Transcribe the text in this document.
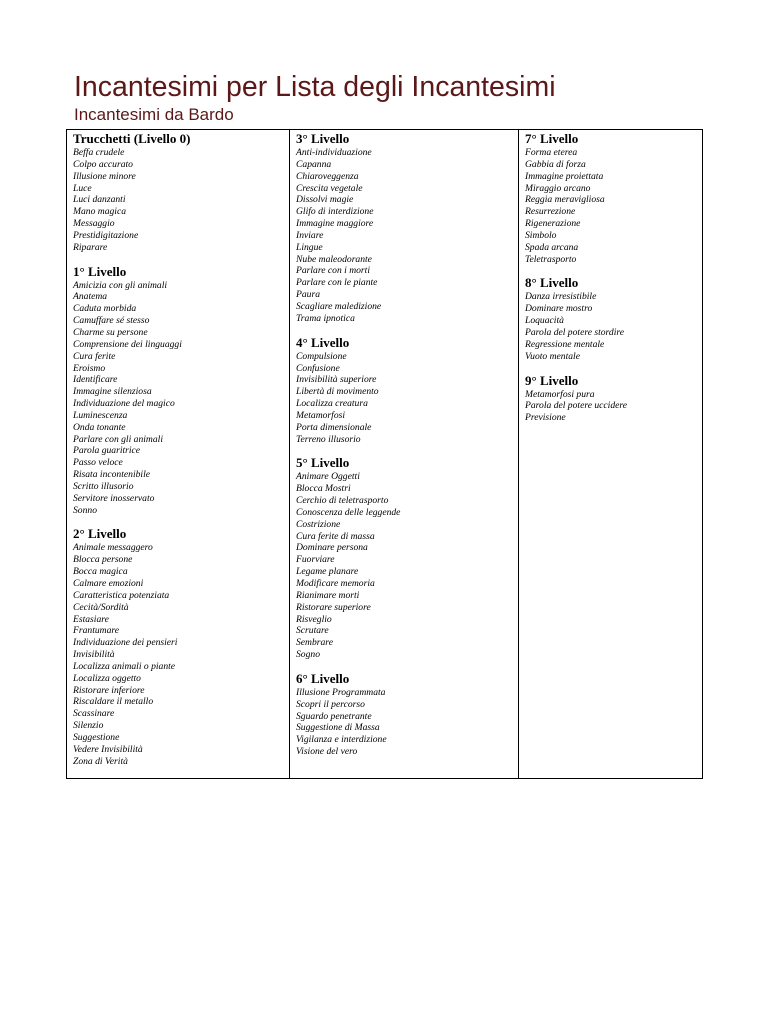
Incantesimi per Lista degli Incantesimi
Incantesimi da Bardo
Trucchetti (Livello 0)
Beffa crudele
Colpo accurato
Illusione minore
Luce
Luci danzanti
Mano magica
Messaggio
Prestidigitazione
Riparare
1° Livello
Amicizia con gli animali
Anatema
Caduta morbida
Camuffare sé stesso
Charme su persone
Comprensione dei linguaggi
Cura ferite
Eroismo
Identificare
Immagine silenziosa
Individuazione del magico
Luminescenza
Onda tonante
Parlare con gli animali
Parola guaritrice
Passo veloce
Risata incontenibile
Scritto illusorio
Servitore inosservato
Sonno
2° Livello
Animale messaggero
Blocca persone
Bocca magica
Calmare emozioni
Caratteristica potenziata
Cecità/Sordità
Estasiare
Frantumare
Individuazione dei pensieri
Invisibilità
Localizza animali o piante
Localizza oggetto
Ristorare inferiore
Riscaldare il metallo
Scassinare
Silenzio
Suggestione
Vedere Invisibilità
Zona di Verità
3° Livello
Anti-individuazione
Capanna
Chiaroveggenza
Crescita vegetale
Dissolvi magie
Glifo di interdizione
Immagine maggiore
Inviare
Lingue
Nube maleodorante
Parlare con i morti
Parlare con le piante
Paura
Scagliare maledizione
Trama ipnotica
4° Livello
Compulsione
Confusione
Invisibilità superiore
Libertà di movimento
Localizza creatura
Metamorfosi
Porta dimensionale
Terreno illusorio
5° Livello
Animare Oggetti
Blocca Mostri
Cerchio di teletrasporto
Conoscenza delle leggende
Costrizione
Cura ferite di massa
Dominare persona
Fuorviare
Legame planare
Modificare memoria
Rianimare morti
Ristorare superiore
Risveglio
Scrutare
Sembrare
Sogno
6° Livello
Illusione Programmata
Scopri il percorso
Sguardo penetrante
Suggestione di Massa
Vigilanza e interdizione
Visione del vero
7° Livello
Forma eterea
Gabbia di forza
Immagine proiettata
Miraggio arcano
Reggia meravigliosa
Resurrezione
Rigenerazione
Simbolo
Spada arcana
Teletrasporto
8° Livello
Danza irresistibile
Dominare mostro
Loquacità
Parola del potere stordire
Regressione mentale
Vuoto mentale
9° Livello
Metamorfosi pura
Parola del potere uccidere
Previsione
